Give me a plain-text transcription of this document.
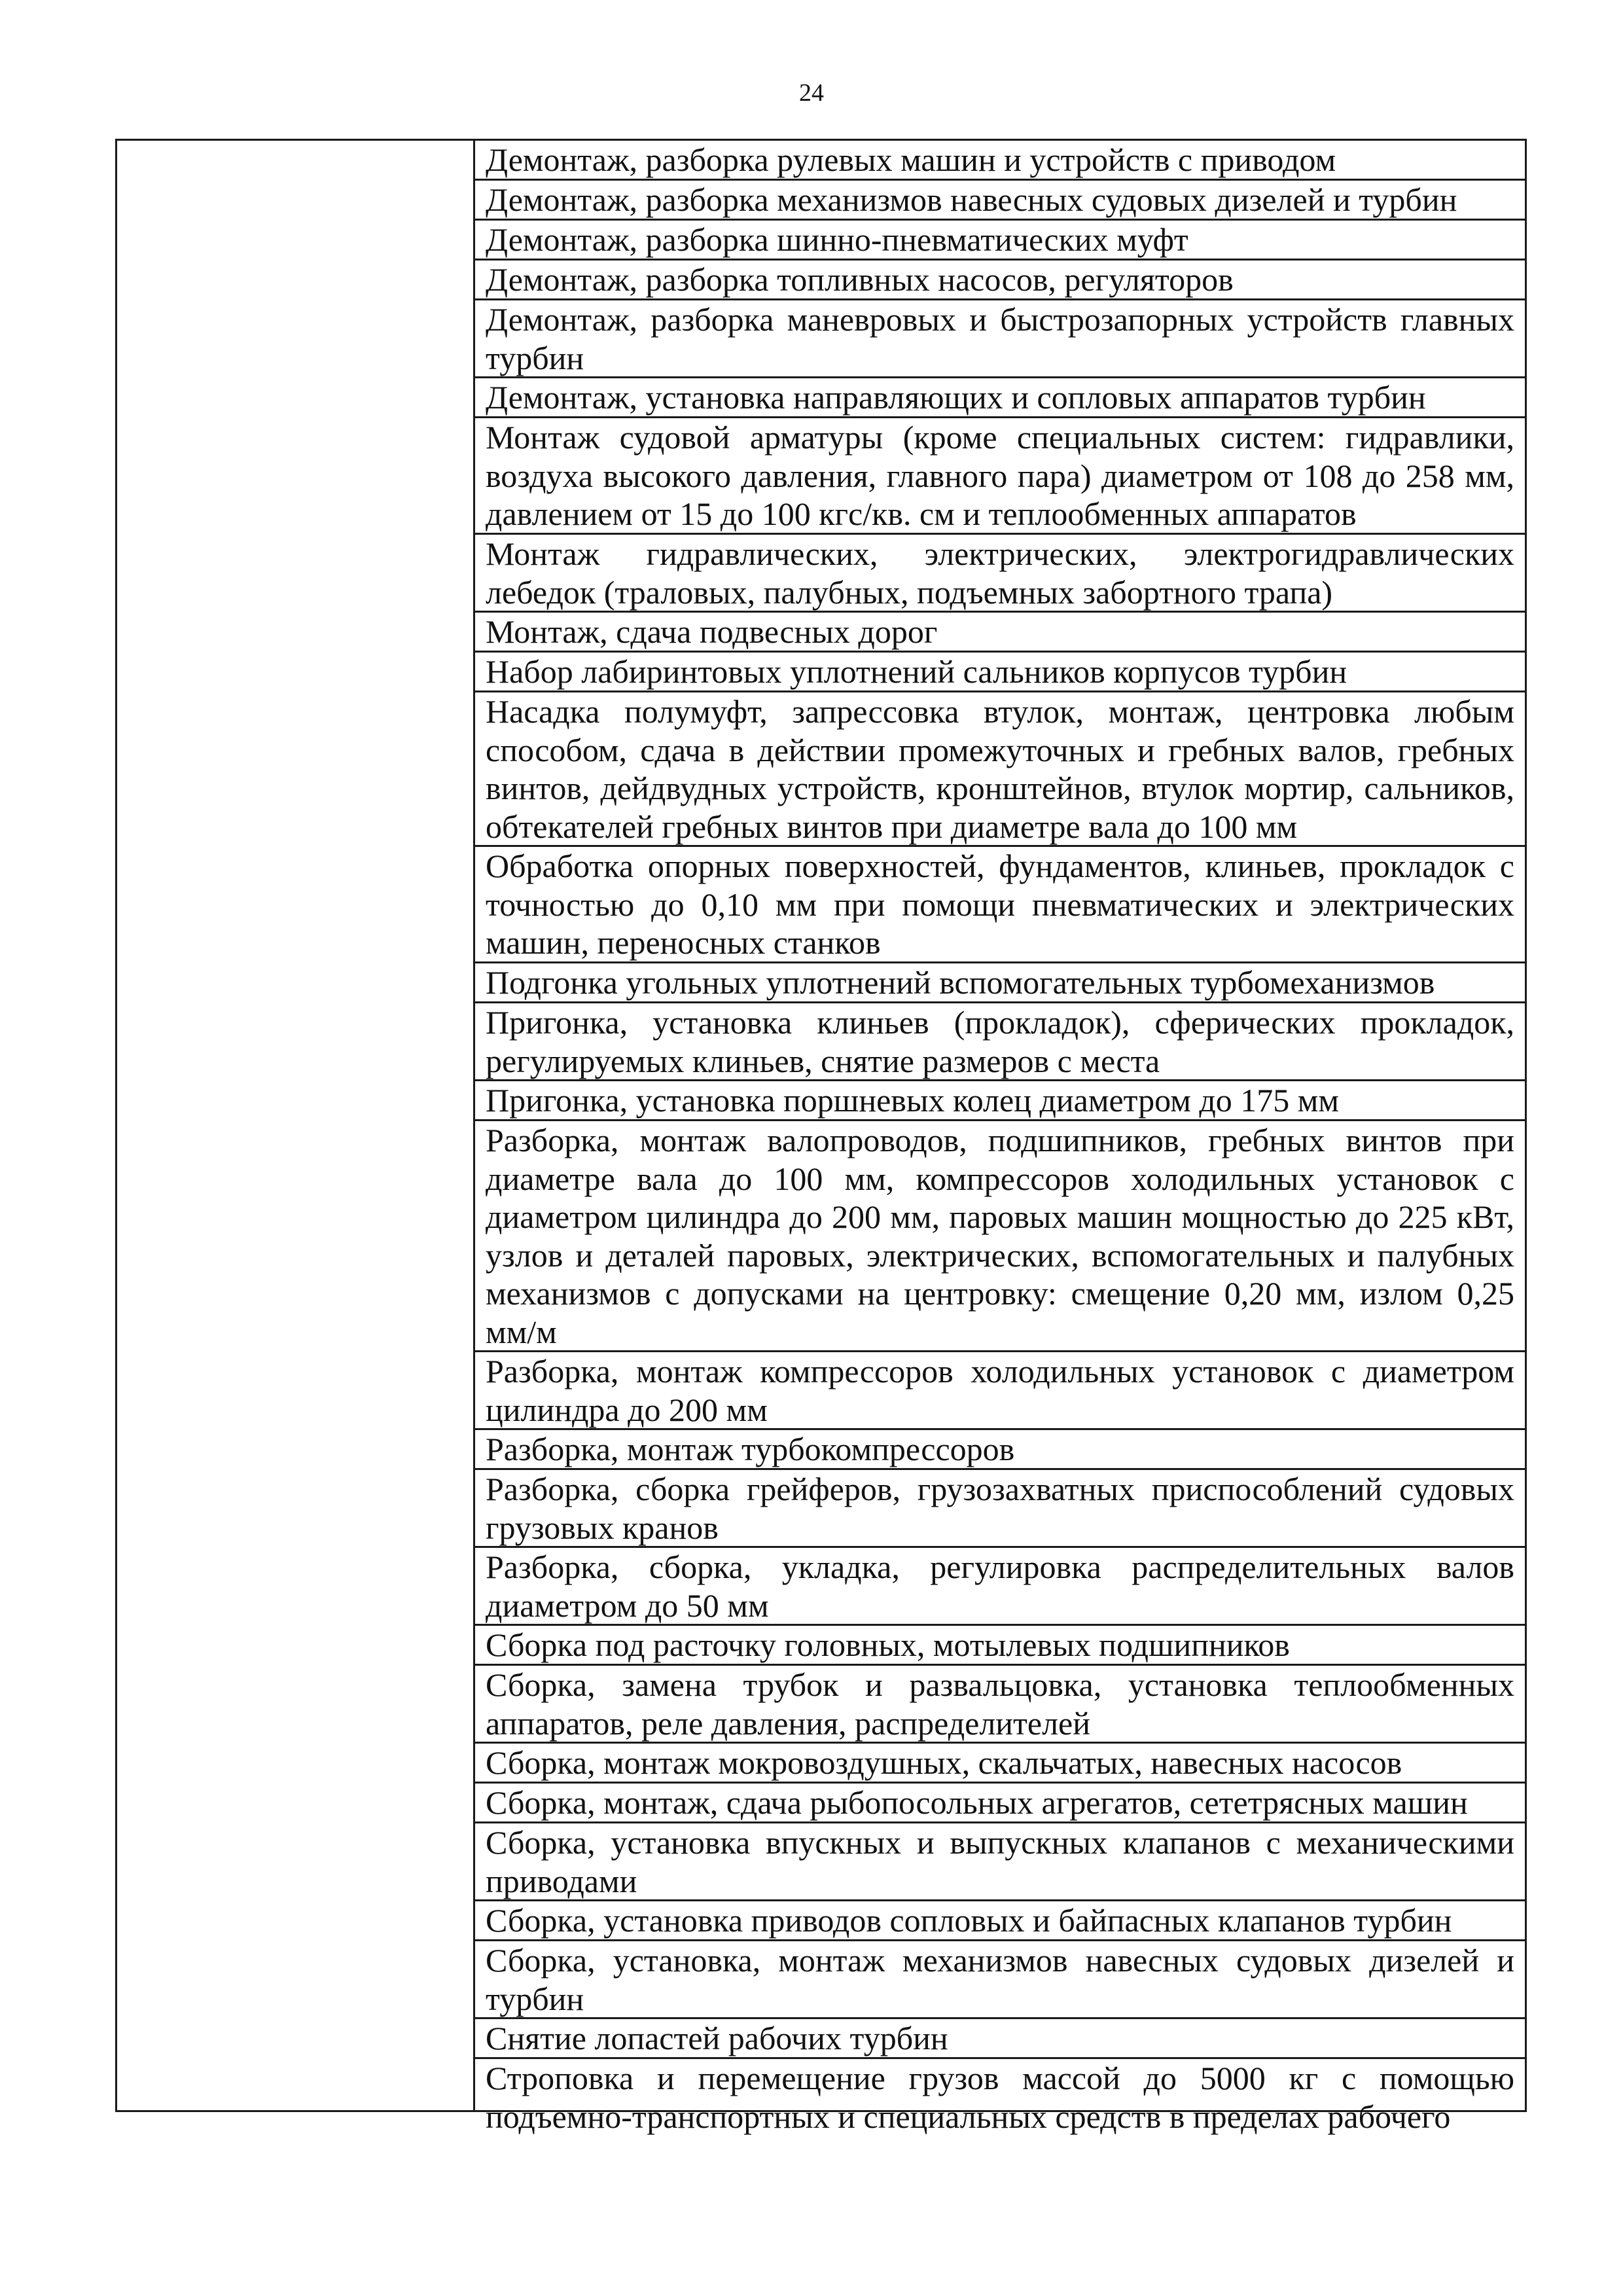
24
Демонтаж, разборка рулевых машин и устройств с приводом
Демонтаж, разборка механизмов навесных судовых дизелей и турбин
Демонтаж, разборка шинно-пневматических муфт
Демонтаж, разборка топливных насосов, регуляторов
Демонтаж, разборка маневровых и быстрозапорных устройств главных турбин
Демонтаж, установка направляющих и сопловых аппаратов турбин
Монтаж судовой арматуры (кроме специальных систем: гидравлики, воздуха высокого давления, главного пара) диаметром от 108 до 258 мм, давлением от 15 до 100 кгс/кв. см и теплообменных аппаратов
Монтаж гидравлических, электрических, электрогидравлических лебедок (траловых, палубных, подъемных забортного трапа)
Монтаж, сдача подвесных дорог
Набор лабиринтовых уплотнений сальников корпусов турбин
Насадка полумуфт, запрессовка втулок, монтаж, центровка любым способом, сдача в действии промежуточных и гребных валов, гребных винтов, дейдвудных устройств, кронштейнов, втулок мортир, сальников, обтекателей гребных винтов при диаметре вала до 100 мм
Обработка опорных поверхностей, фундаментов, клиньев, прокладок с точностью до 0,10 мм при помощи пневматических и электрических машин, переносных станков
Подгонка угольных уплотнений вспомогательных турбомеханизмов
Пригонка, установка клиньев (прокладок), сферических прокладок, регулируемых клиньев, снятие размеров с места
Пригонка, установка поршневых колец диаметром до 175 мм
Разборка, монтаж валопроводов, подшипников, гребных винтов при диаметре вала до 100 мм, компрессоров холодильных установок с диаметром цилиндра до 200 мм, паровых машин мощностью до 225 кВт, узлов и деталей паровых, электрических, вспомогательных и палубных механизмов с допусками на центровку: смещение 0,20 мм, излом 0,25 мм/м
Разборка, монтаж компрессоров холодильных установок с диаметром цилиндра до 200 мм
Разборка, монтаж турбокомпрессоров
Разборка, сборка грейферов, грузозахватных приспособлений судовых грузовых кранов
Разборка, сборка, укладка, регулировка распределительных валов диаметром до 50 мм
Сборка под расточку головных, мотылевых подшипников
Сборка, замена трубок и развальцовка, установка теплообменных аппаратов, реле давления, распределителей
Сборка, монтаж мокровоздушных, скальчатых, навесных насосов
Сборка, монтаж, сдача рыбопосольных агрегатов, сететрясных машин
Сборка, установка впускных и выпускных клапанов с механическими приводами
Сборка, установка приводов сопловых и байпасных клапанов турбин
Сборка, установка, монтаж механизмов навесных судовых дизелей и турбин
Снятие лопастей рабочих турбин
Строповка и перемещение грузов массой до 5000 кг с помощью подъемно-транспортных и специальных средств в пределах рабочего
